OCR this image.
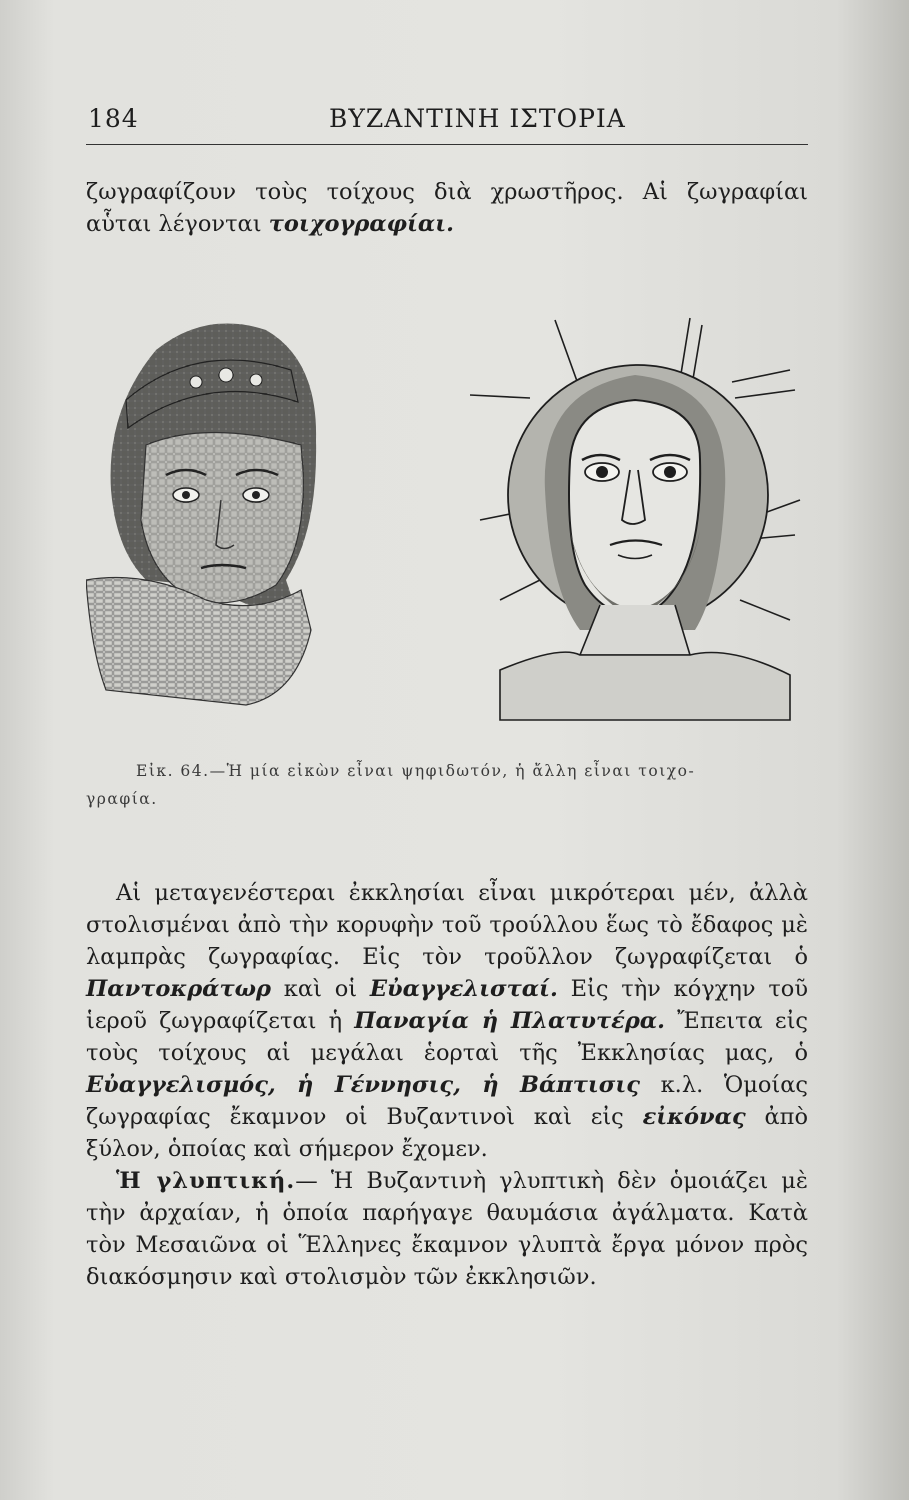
184	ΒΥΖΑΝΤΙΝΗ ΙΣΤΟΡΙΑ

ζωγραφίζουν τοὺς τοίχους διὰ χρωστῆρος. Αἱ ζωγραφίαι αὗται λέγονται τοιχογραφίαι.

Εἰκ. 64.—Ἡ μία εἰκὼν εἶναι ψηφιδωτόν, ἡ ἄλλη εἶναι τοιχο-
γραφία.

Αἱ μεταγενέστεραι ἐκκλησίαι εἶναι μικρότεραι μέν, ἀλλὰ στολισμέναι ἀπὸ τὴν κορυφὴν τοῦ τρούλλου ἕως τὸ ἔδαφος μὲ λαμπρὰς ζωγραφίας. Εἰς τὸν τροῦλλον ζωγραφίζεται ὁ Παντοκράτωρ καὶ οἱ Εὐαγγελισταί. Εἰς τὴν κόγχην τοῦ ἱεροῦ ζωγραφίζεται ἡ Παναγία ἡ Πλατυτέρα. Ἔπειτα εἰς τοὺς τοίχους αἱ μεγάλαι ἑορταὶ τῆς Ἐκκλησίας μας, ὁ Εὐαγγελισμός, ἡ Γέννησις, ἡ Βάπτισις κ.λ. Ὁμοίας ζωγραφίας ἔκαμνον οἱ Βυζαντινοὶ καὶ εἰς εἰκόνας ἀπὸ ξύλον, ὁποίας καὶ σήμερον ἔχομεν.

Ἡ γλυπτική.— Ἡ Βυζαντινὴ γλυπτικὴ δὲν ὁμοιάζει μὲ τὴν ἀρχαίαν, ἡ ὁποία παρήγαγε θαυμάσια ἀγάλματα. Κατὰ τὸν Μεσαιῶνα οἱ Ἕλληνες ἔκαμνον γλυπτὰ ἔργα μόνον πρὸς διακόσμησιν καὶ στολισμὸν τῶν ἐκκλησιῶν.
